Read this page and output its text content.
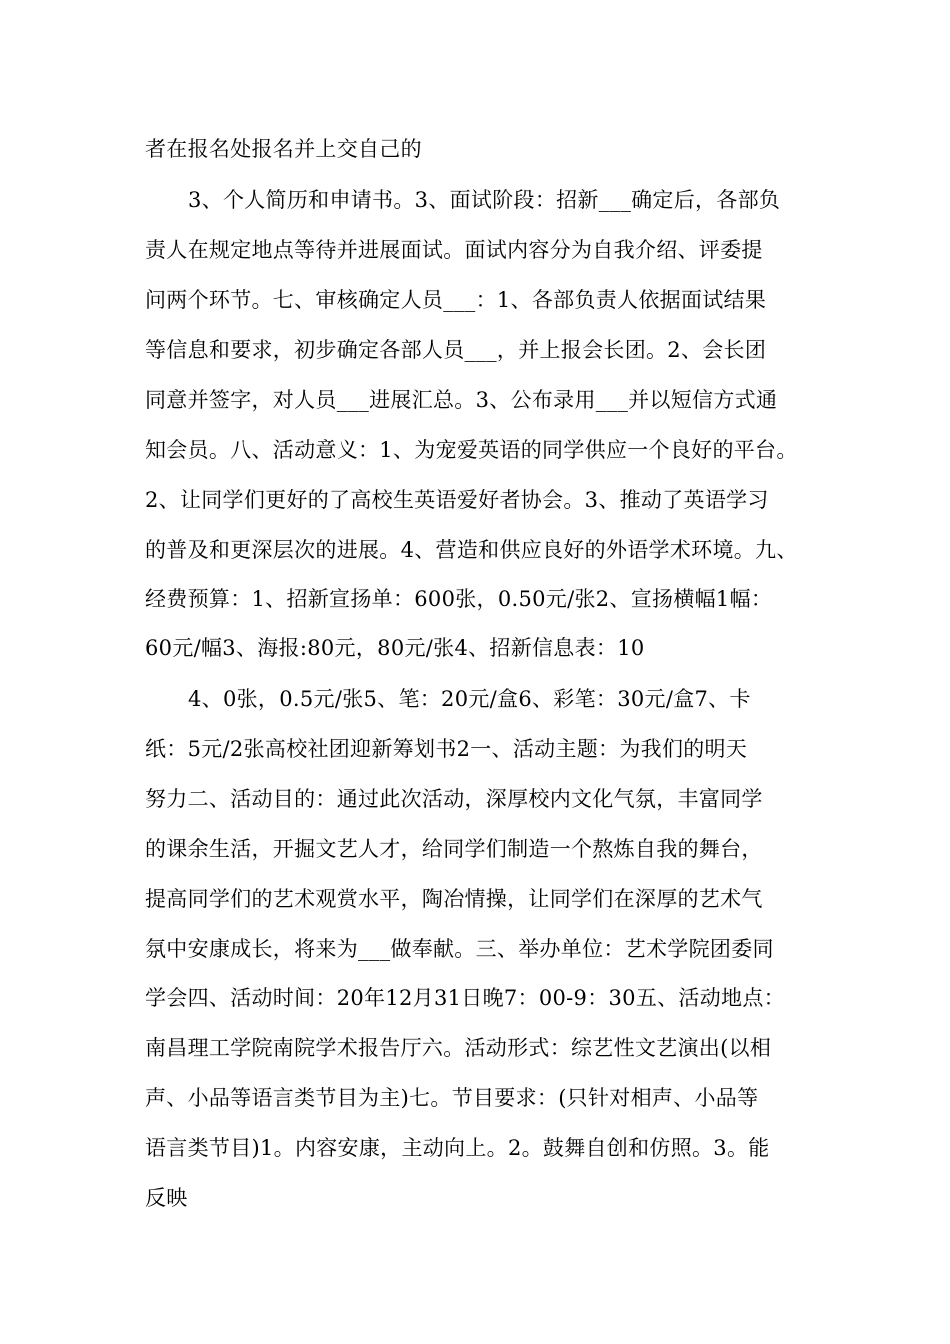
者在报名处报名并上交自己的
3、个人简历和申请书。3、面试阶段：招新___确定后，各部负
责人在规定地点等待并进展面试。面试内容分为自我介绍、评委提
问两个环节。七、审核确定人员___：1、各部负责人依据面试结果
等信息和要求，初步确定各部人员___，并上报会长团。2、会长团
同意并签字，对人员___进展汇总。3、公布录用___并以短信方式通
知会员。八、活动意义：1、为宠爱英语的同学供应一个良好的平台。
2、让同学们更好的了高校生英语爱好者协会。3、推动了英语学习
的普及和更深层次的进展。4、营造和供应良好的外语学术环境。九、
经费预算：1、招新宣扬单：600张，0.50元/张2、宣扬横幅1幅：
60元/幅3、海报:80元，80元/张4、招新信息表：10
4、0张，0.5元/张5、笔：20元/盒6、彩笔：30元/盒7、卡
纸：5元/2张高校社团迎新筹划书2一、活动主题：为我们的明天
努力二、活动目的：通过此次活动，深厚校内文化气氛，丰富同学
的课余生活，开掘文艺人才，给同学们制造一个熬炼自我的舞台，
提高同学们的艺术观赏水平，陶冶情操，让同学们在深厚的艺术气
氛中安康成长，将来为___做奉献。三、举办单位：艺术学院团委同
学会四、活动时间：20年12月31日晚7：00-9：30五、活动地点：
南昌理工学院南院学术报告厅六。活动形式：综艺性文艺演出(以相
声、小品等语言类节目为主)七。节目要求：(只针对相声、小品等
语言类节目)1。内容安康，主动向上。2。鼓舞自创和仿照。3。能
反映
